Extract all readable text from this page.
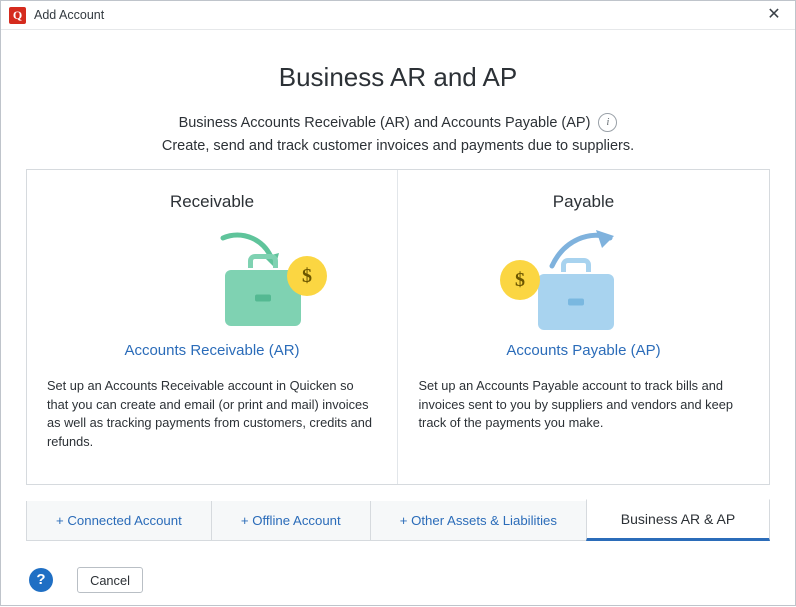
Q Add Account	✕
Business AR and AP
Business Accounts Receivable (AR) and Accounts Payable (AP)	i
Create, send and track customer invoices and payments due to suppliers.
Receivable
$
Accounts Receivable (AR)
Set up an Accounts Receivable account in Quicken so that you can create and email (or print and mail) invoices as well as tracking payments from customers, credits and refunds.
Payable
$
Accounts Payable (AP)
Set up an Accounts Payable account to track bills and invoices sent to you by suppliers and vendors and keep track of the payments you make.
+ Connected Account	+ Offline Account	+ Other Assets & Liabilities	Business AR & AP
?	Cancel
